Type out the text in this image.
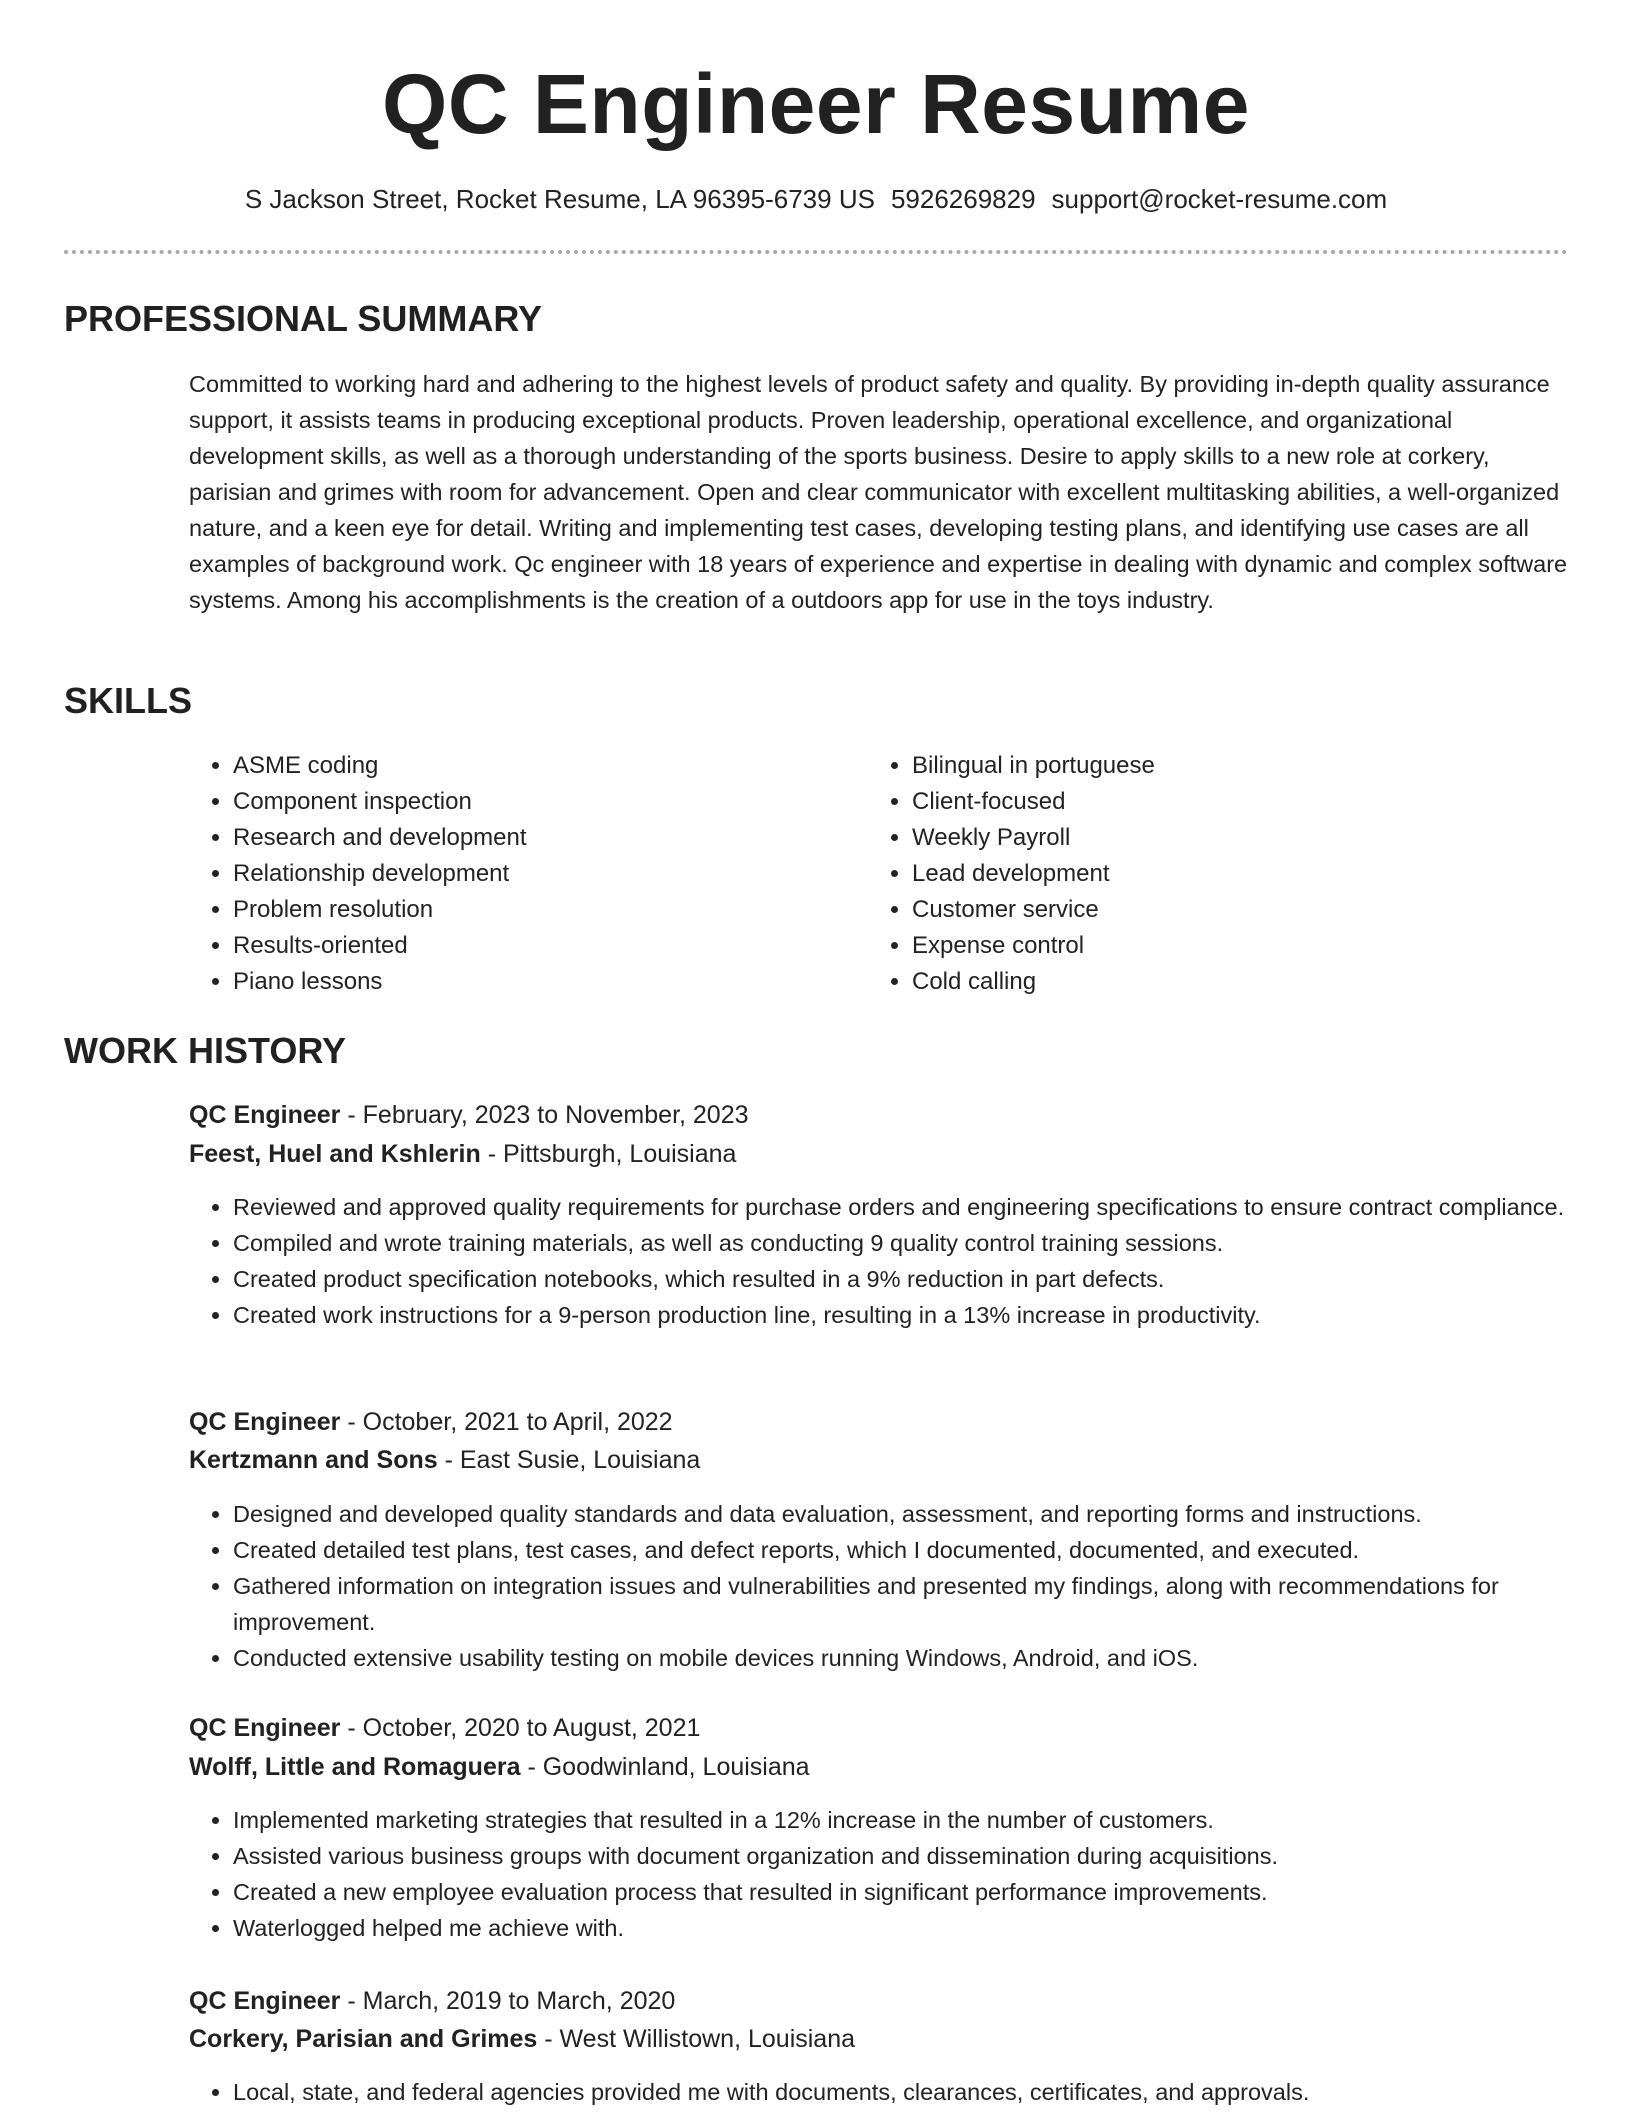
QC Engineer Resume
S Jackson Street, Rocket Resume, LA 96395-6739 US 5926269829 support@rocket-resume.com
PROFESSIONAL SUMMARY

Committed to working hard and adhering to the highest levels of product safety and quality. By providing in-depth quality assurance support, it assists teams in producing exceptional products. Proven leadership, operational excellence, and organizational development skills, as well as a thorough understanding of the sports business. Desire to apply skills to a new role at corkery, parisian and grimes with room for advancement. Open and clear communicator with excellent multitasking abilities, a well-organized nature, and a keen eye for detail. Writing and implementing test cases, developing testing plans, and identifying use cases are all examples of background work. Qc engineer with 18 years of experience and expertise in dealing with dynamic and complex software systems. Among his accomplishments is the creation of a outdoors app for use in the toys industry.

SKILLS
• ASME coding
• Component inspection
• Research and development
• Relationship development
• Problem resolution
• Results-oriented
• Piano lessons
• Bilingual in portuguese
• Client-focused
• Weekly Payroll
• Lead development
• Customer service
• Expense control
• Cold calling
WORK HISTORY
QC Engineer - February, 2023 to November, 2023
Feest, Huel and Kshlerin - Pittsburgh, Louisiana
• Reviewed and approved quality requirements for purchase orders and engineering specifications to ensure contract compliance.
• Compiled and wrote training materials, as well as conducting 9 quality control training sessions.
• Created product specification notebooks, which resulted in a 9% reduction in part defects.
• Created work instructions for a 9-person production line, resulting in a 13% increase in productivity.
QC Engineer - October, 2021 to April, 2022
Kertzmann and Sons - East Susie, Louisiana
• Designed and developed quality standards and data evaluation, assessment, and reporting forms and instructions.
• Created detailed test plans, test cases, and defect reports, which I documented, documented, and executed.
• Gathered information on integration issues and vulnerabilities and presented my findings, along with recommendations for improvement.
• Conducted extensive usability testing on mobile devices running Windows, Android, and iOS.
QC Engineer - October, 2020 to August, 2021
Wolff, Little and Romaguera - Goodwinland, Louisiana
• Implemented marketing strategies that resulted in a 12% increase in the number of customers.
• Assisted various business groups with document organization and dissemination during acquisitions.
• Created a new employee evaluation process that resulted in significant performance improvements.
• Waterlogged helped me achieve with.
QC Engineer - March, 2019 to March, 2020
Corkery, Parisian and Grimes - West Willistown, Louisiana
• Local, state, and federal agencies provided me with documents, clearances, certificates, and approvals.
